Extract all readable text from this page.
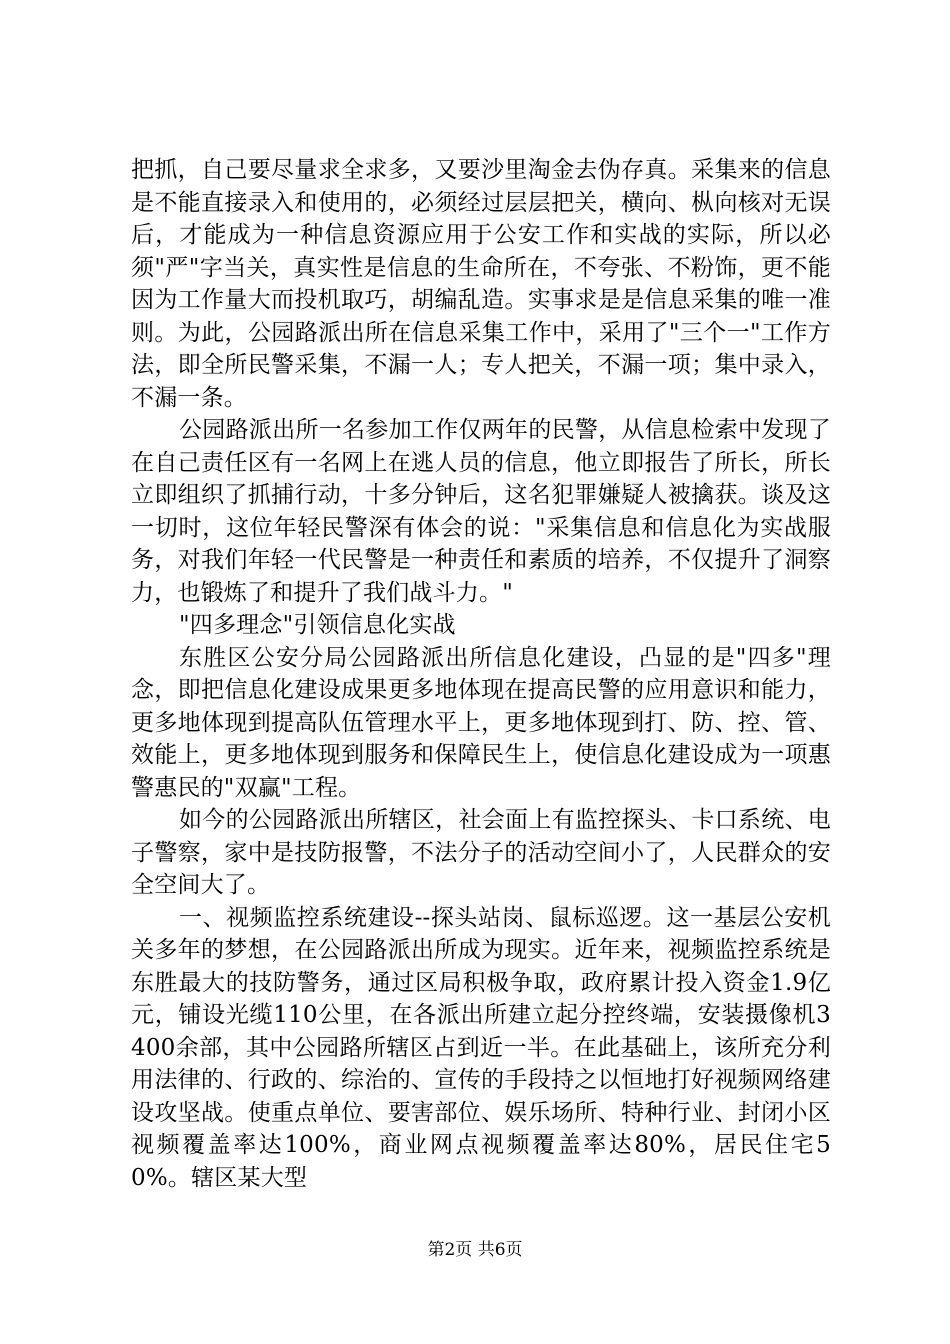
把抓，自己要尽量求全求多，又要沙里淘金去伪存真。采集来的信息是不能直接录入和使用的，必须经过层层把关，横向、枞向核对无误后，才能成为一种信息资源应用于公安工作和实战的实际，所以必须"严"字当关，真实性是信息的生命所在，不夸张、不粉饰，更不能因为工作量大而投机取巧，胡编乱造。实事求是是信息采集的唯一准则。为此，公园路派出所在信息采集工作中，采用了"三个一"工作方法，即全所民警采集，不漏一人；专人把关，不漏一项；集中录入，不漏一条。

公园路派出所一名参加工作仅两年的民警，从信息检索中发现了在自己责任区有一名网上在逃人员的信息，他立即报告了所长，所长立即组织了抓捕行动，十多分钟后，这名犯罪嫌疑人被擒获。谈及这一切时，这位年轻民警深有体会的说："采集信息和信息化为实战服务，对我们年轻一代民警是一种责任和素质的培养，不仅提升了洞察力，也锻炼了和提升了我们战斗力。"

"四多理念"引领信息化实战

东胜区公安分局公园路派出所信息化建设，凸显的是"四多"理念，即把信息化建设成果更多地体现在提高民警的应用意识和能力，更多地体现到提高队伍管理水平上，更多地体现到打、防、控、管、效能上，更多地体现到服务和保障民生上，使信息化建设成为一项惠警惠民的"双赢"工程。

如今的公园路派出所辖区，社会面上有监控探头、卡口系统、电子警察，家中是技防报警，不法分子的活动空间小了，人民群众的安全空间大了。

一、视频监控系统建设--探头站岗、鼠标巡逻。这一基层公安机关多年的梦想，在公园路派出所成为现实。近年来，视频监控系统是东胜最大的技防警务，通过区局积极争取，政府累计投入资金1.9亿元，铺设光缆110公里，在各派出所建立起分控终端，安装摄像机3400余部，其中公园路所辖区占到近一半。在此基础上，该所充分利用法律的、行政的、综治的、宣传的手段持之以恒地打好视频网络建设攻坚战。使重点单位、要害部位、娱乐场所、特种行业、封闭小区视频覆盖率达100%，商业网点视频覆盖率达80%，居民住宅50%。辖区某大型

第2页 共6页
